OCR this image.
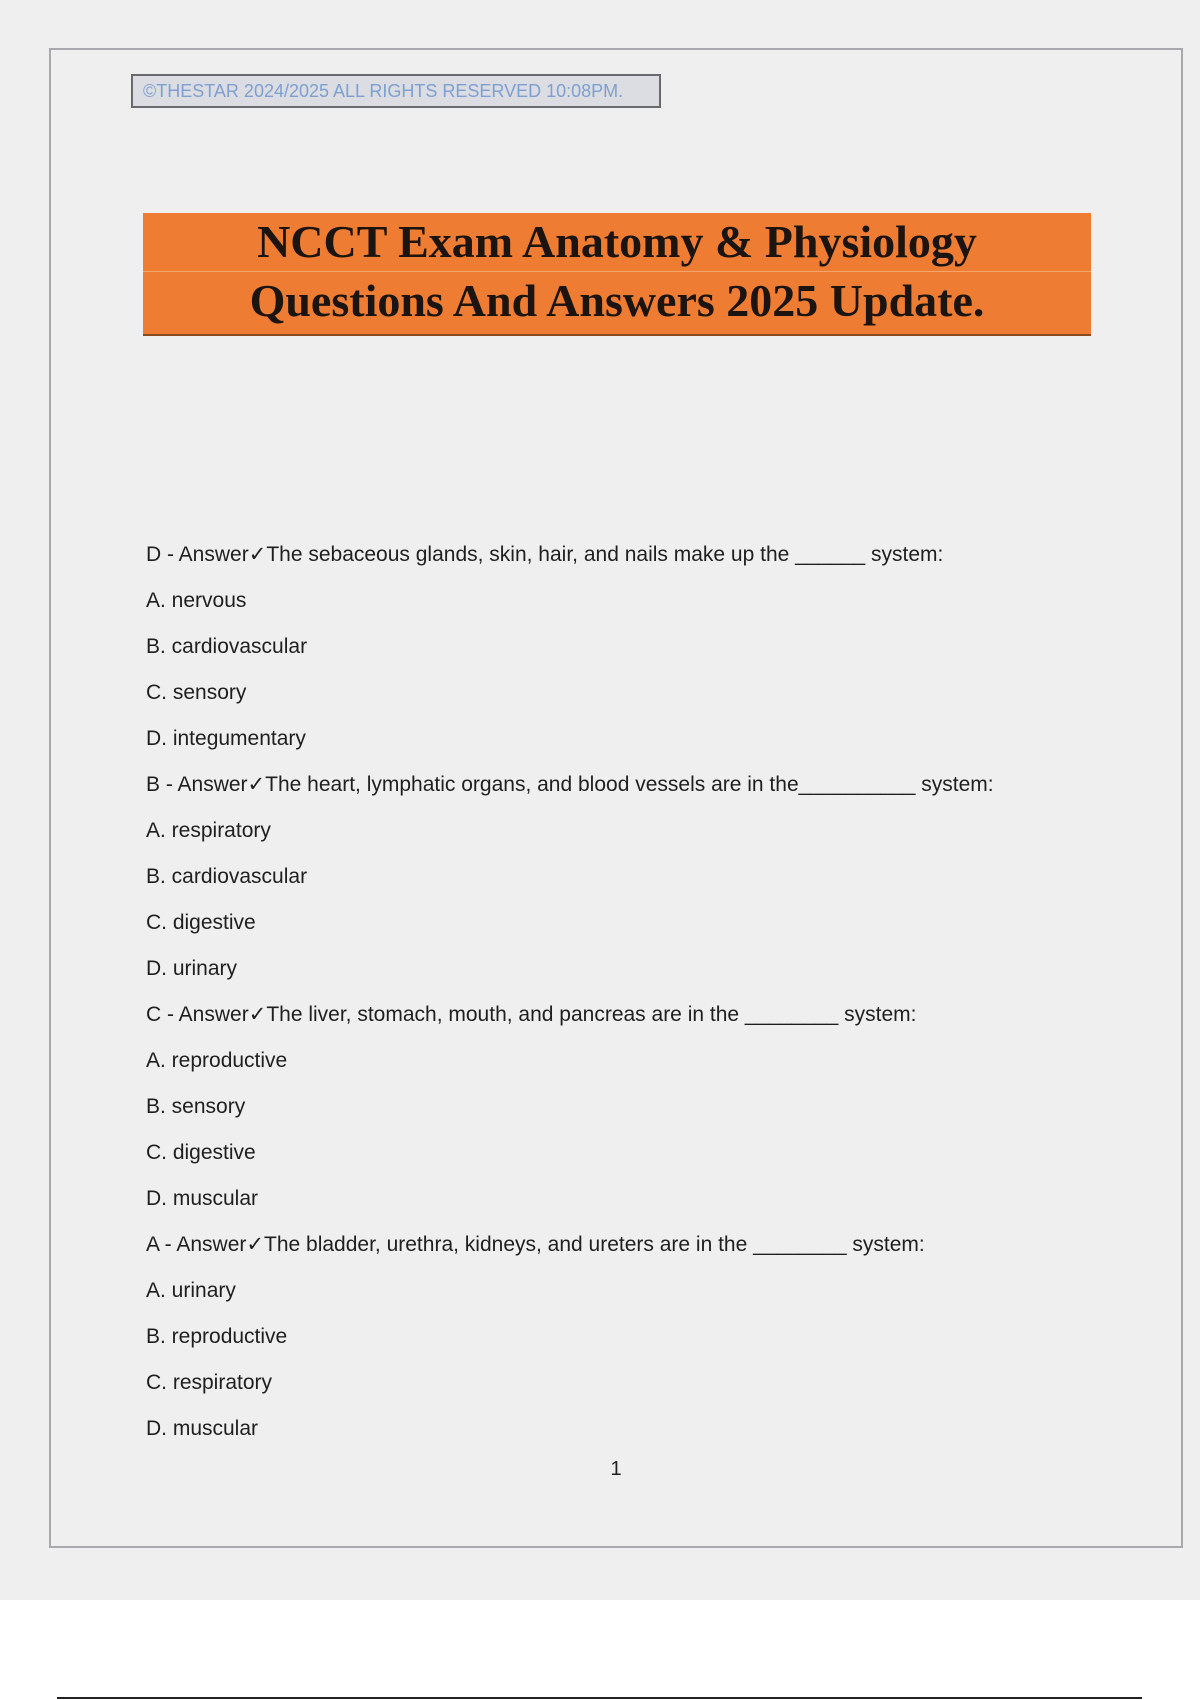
©THESTAR 2024/2025 ALL RIGHTS RESERVED 10:08PM.
NCCT Exam Anatomy & Physiology
Questions And Answers 2025 Update.
D - Answer✓The sebaceous glands, skin, hair, and nails make up the ______ system:
A. nervous
B. cardiovascular
C. sensory
D. integumentary
B - Answer✓The heart, lymphatic organs, and blood vessels are in the__________ system:
A. respiratory
B. cardiovascular
C. digestive
D. urinary
C - Answer✓The liver, stomach, mouth, and pancreas are in the ________ system:
A. reproductive
B. sensory
C. digestive
D. muscular
A - Answer✓The bladder, urethra, kidneys, and ureters are in the ________ system:
A. urinary
B. reproductive
C. respiratory
D. muscular
1
